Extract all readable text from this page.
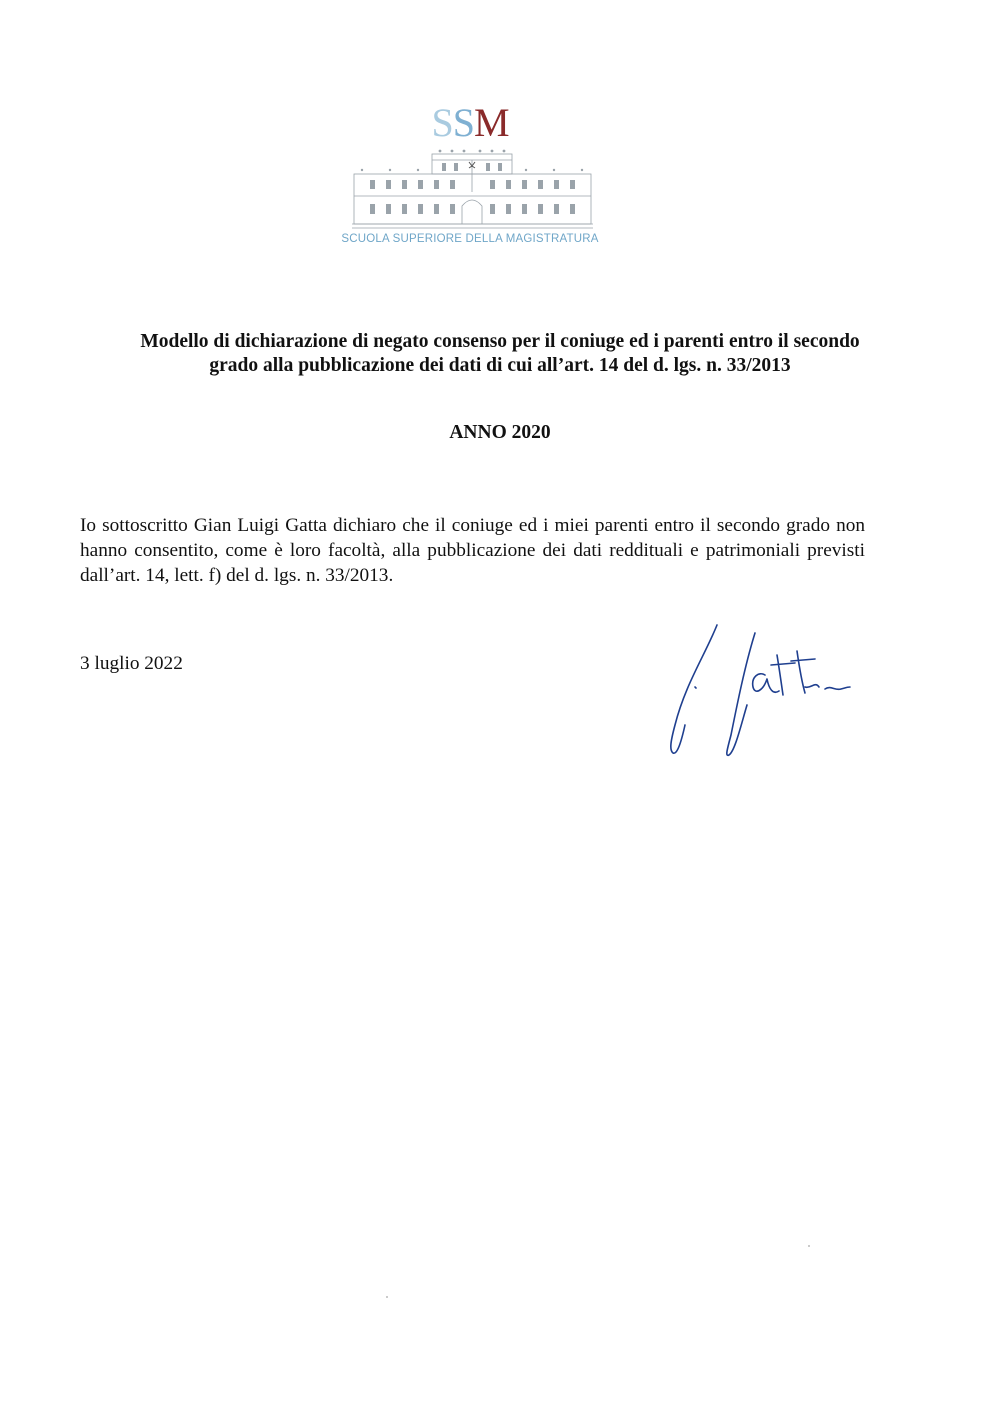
SSM
SCUOLA SUPERIORE DELLA MAGISTRATURA
Modello di dichiarazione di negato consenso per il coniuge ed i parenti entro il secondo
grado alla pubblicazione dei dati di cui all’art. 14 del d. lgs. n. 33/2013
ANNO 2020
Io sottoscritto Gian Luigi Gatta dichiaro che il coniuge ed i miei parenti entro il secondo grado non hanno consentito, come è loro facoltà, alla pubblicazione dei dati reddituali e patrimoniali previsti dall’art. 14, lett. f) del d. lgs. n. 33/2013.
3 luglio 2022
